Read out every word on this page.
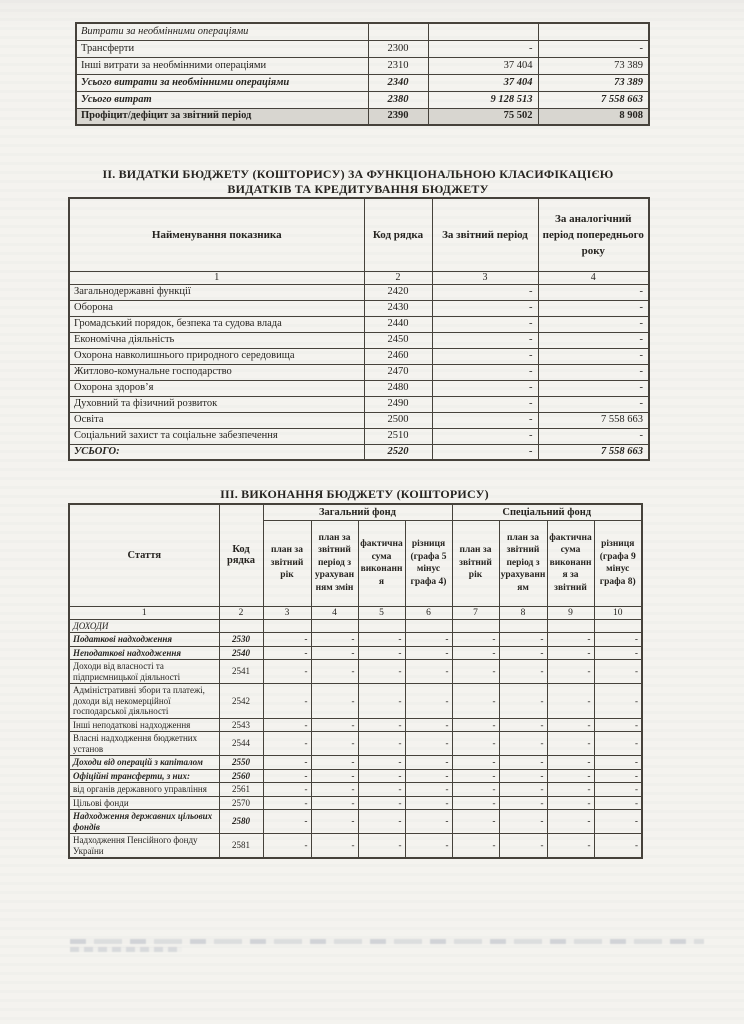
Витрати за необмінними операціями			
Трансферти	2300	-	-
Інші витрати за необмінними операціями	2310	37 404	73 389
Усього витрати за необмінними операціями	2340	37 404	73 389
Усього витрат	2380	9 128 513	7 558 663
Профіцит/дефіцит за звітний період	2390	75 502	8 908
ІІ. ВИДАТКИ БЮДЖЕТУ (КОШТОРИСУ) ЗА ФУНКЦІОНАЛЬНОЮ КЛАСИФІКАЦІЄЮ
ВИДАТКІВ ТА КРЕДИТУВАННЯ БЮДЖЕТУ
Найменування показника	Код рядка	За звітний період	За аналогічний період попереднього року

1	2	3	4
Загальнодержавні функції	2420	-	-
Оборона	2430	-	-
Громадський порядок, безпека та судова влада	2440	-	-
Економічна діяльність	2450	-	-
Охорона навколишнього природного середовища	2460	-	-
Житлово-комунальне господарство	2470	-	-
Охорона здоров’я	2480	-	-
Духовний та фізичний розвиток	2490	-	-
Освіта	2500	-	7 558 663
Соціальний захист та соціальне забезпечення	2510	-	-
УСЬОГО:	2520	-	7 558 663
ІІІ. ВИКОНАННЯ БЮДЖЕТУ (КОШТОРИСУ)
Стаття	Код рядка	Загальний фонд				Спеціальний фонд			
		план за звітний рік	план за звітний період з урахуванням змін	фактична сума виконання	різниця (графа 5 мінус графа 4)	план за звітний рік	план за звітний період з урахуванням	фактична сума виконання за звітний	різниця (графа 9 мінус графа 8)
1	2	3	4	5	6	7	8	9	10
ДОХОДИ									
Податкові надходження	2530	-	-	-	-	-	-	-	-
Неподаткові надходження	2540	-	-	-	-	-	-	-	-
Доходи від власності та підприємницької діяльності	2541	-	-	-	-	-	-	-	-
Адміністративні збори та платежі, доходи від некомерційної господарської діяльності	2542	-	-	-	-	-	-	-	-
Інші неподаткові надходження	2543	-	-	-	-	-	-	-	-
Власні надходження бюджетних установ	2544	-	-	-	-	-	-	-	-
Доходи від операцій з капіталом	2550	-	-	-	-	-	-	-	-
Офіційні трансферти, з них:	2560	-	-	-	-	-	-	-	-
від органів державного управління	2561	-	-	-	-	-	-	-	-
Цільові фонди	2570	-	-	-	-	-	-	-	-
Надходження державних цільових фондів	2580	-	-	-	-	-	-	-	-
Надходження Пенсійного фонду України	2581	-	-	-	-	-	-	-	-
